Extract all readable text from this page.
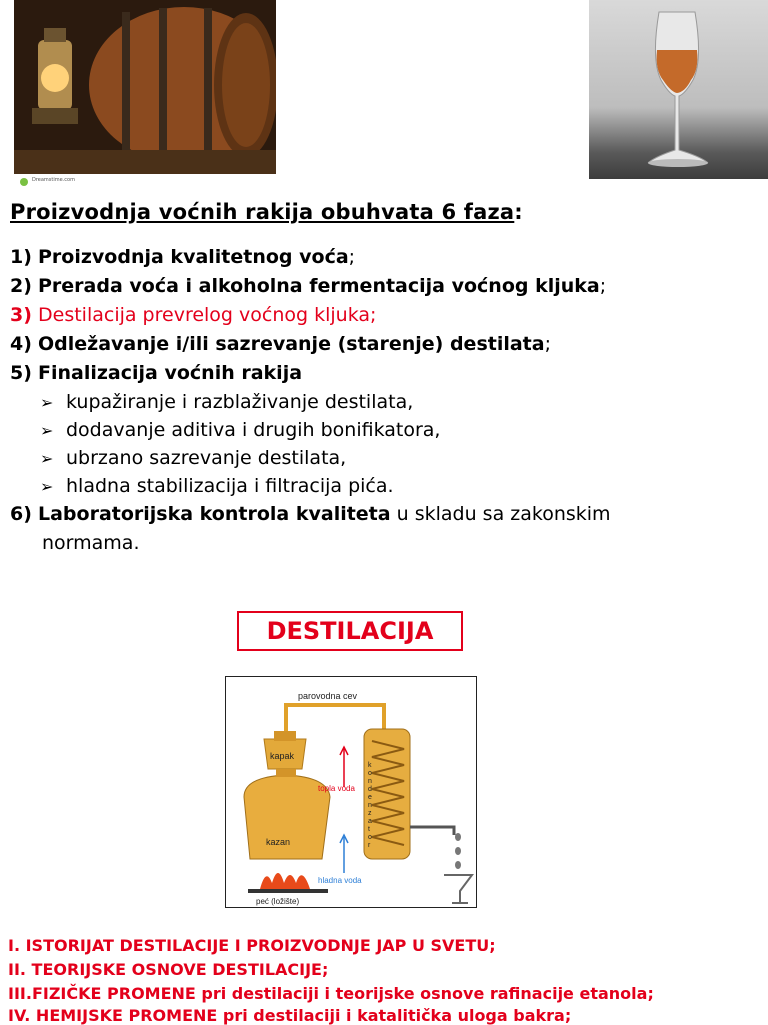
Dreamstime.com
Proizvodnja voćnih rakija obuhvata 6 faza:
1) Proizvodnja kvalitetnog voća;
2) Prerada voća i alkoholna fermentacija voćnog kljuka;
3) Destilacija prevrelog voćnog kljuka;
4) Odležavanje i/ili sazrevanje (starenje) destilata;
5) Finalizacija voćnih rakija
➢ kupažiranje i razblaživanje destilata,
➢ dodavanje aditiva i drugih bonifikatora,
➢ ubrzano sazrevanje destilata,
➢ hladna stabilizacija i filtracija pića.
6) Laboratorijska kontrola kvaliteta u skladu sa zakonskim
normama.
DESTILACIJA
parovodna cev
kapak
kazan
peć (ložište)
k o n d e n z a t o r
topla voda
hladna voda
I. ISTORIJAT DESTILACIJE I PROIZVODNJE JAP U SVETU;
II. TEORIJSKE OSNOVE DESTILACIJE;
III.FIZIČKE PROMENE pri destilaciji i teorijske osnove rafinacije etanola;
IV. HEMIJSKE PROMENE pri destilaciji i katalitička uloga bakra;
